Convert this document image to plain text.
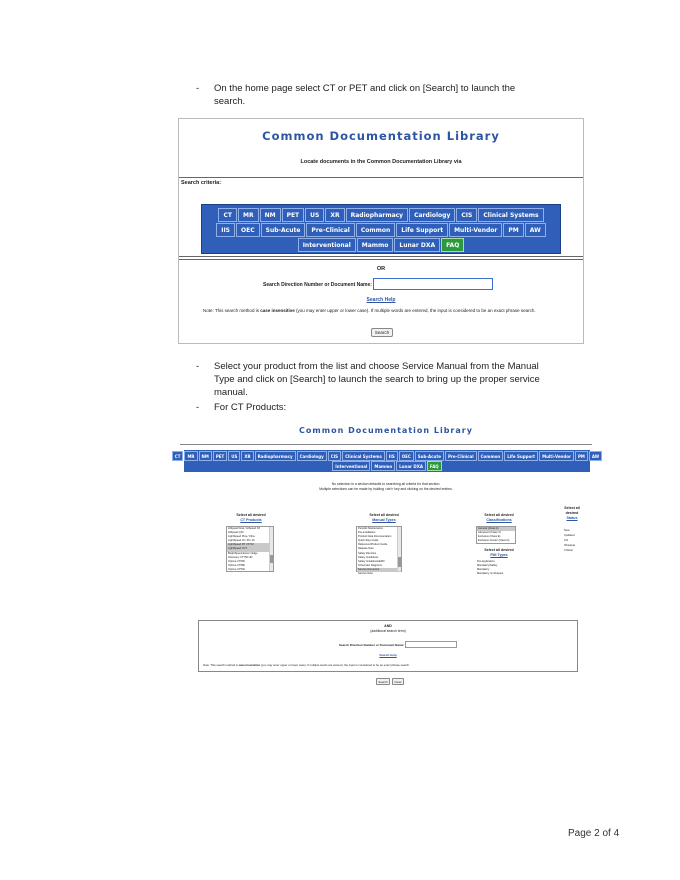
- On the home page select CT or PET and click on [Search] to launch the search.
Common Documentation Library
Locate documents in the Common Documentation Library via
Search criteria:
CT	MR	NM	PET	US	XR	Radiopharmacy	Cardiology	CIS	Clinical Systems
IIS	OEC	Sub-Acute	Pre-Clinical	Common	Life Support	Multi-Vendor	PM	AW
Interventional	Mammo	Lunar DXA	FAQ
OR
Search Direction Number or Document Name:
Search Help
Note: This search method is case insensitive (you may enter upper or lower case). If multiple words are entered, the input is considered to be an exact phrase search.
Search
- Select your product from the list and choose Service Manual from the Manual Type and click on [Search] to launch the search to bring up the proper service manual.
- For CT Products:
Common Documentation Library
CT	MR	NM	PET	US	XR	Radiopharmacy	Cardiology	CIS	Clinical Systems	IIS	OEC	Sub-Acute	Pre-Clinical	Common	Life Support	Multi-Vendor	PM	AW
Interventional	Mammo	Lunar DXA	FAQ
No selection in a section defaults to searching all criteria for that section.
Multiple selections can be made by holding <ctrl> key and clicking on the desired entries.
Select all desired
CT Products
HiSpeed Dual / HiSpeed FX
HiSpeed QX/i
LightSpeed Plus / Ultra
LightSpeed 16 / Pro 16
LightSpeed RT / RT16
LightSpeed VCT
BrightSpeed Excel / Edge
Discovery CT750 HD
Optima CT660
Optima CT580
Optima CT540
Select all desired
Manual Types
Periodic Maintenance
Pre-Installation
Product Data Documentation
Quick Step Guide
Reference/Product Guide
Release Note
Safety Directive
Safety Guidelines
Safety Guidelines/EMC
Schematic Diagrams
Service Document
Service Note
Select all desired
Classifications
General (Class A)
Advanced (Class C)
Exclusive (Class E)
Exclusive Vendor (Class D)
Select all desired
FMI Types
Pre-Application
Mandatory/Safety
Mandatory
Mandatory on Request
Select all
desired
Status
New
Updated
CO
Obsolete
Critical
AND
(additional search term)
Search Direction Number or Document Name:
Search Help
Note: This search method is case insensitive (you may enter upper or lower case). If multiple words are entered, the input is considered to be an exact phrase search.
Search	Clear
Page 2 of 4
